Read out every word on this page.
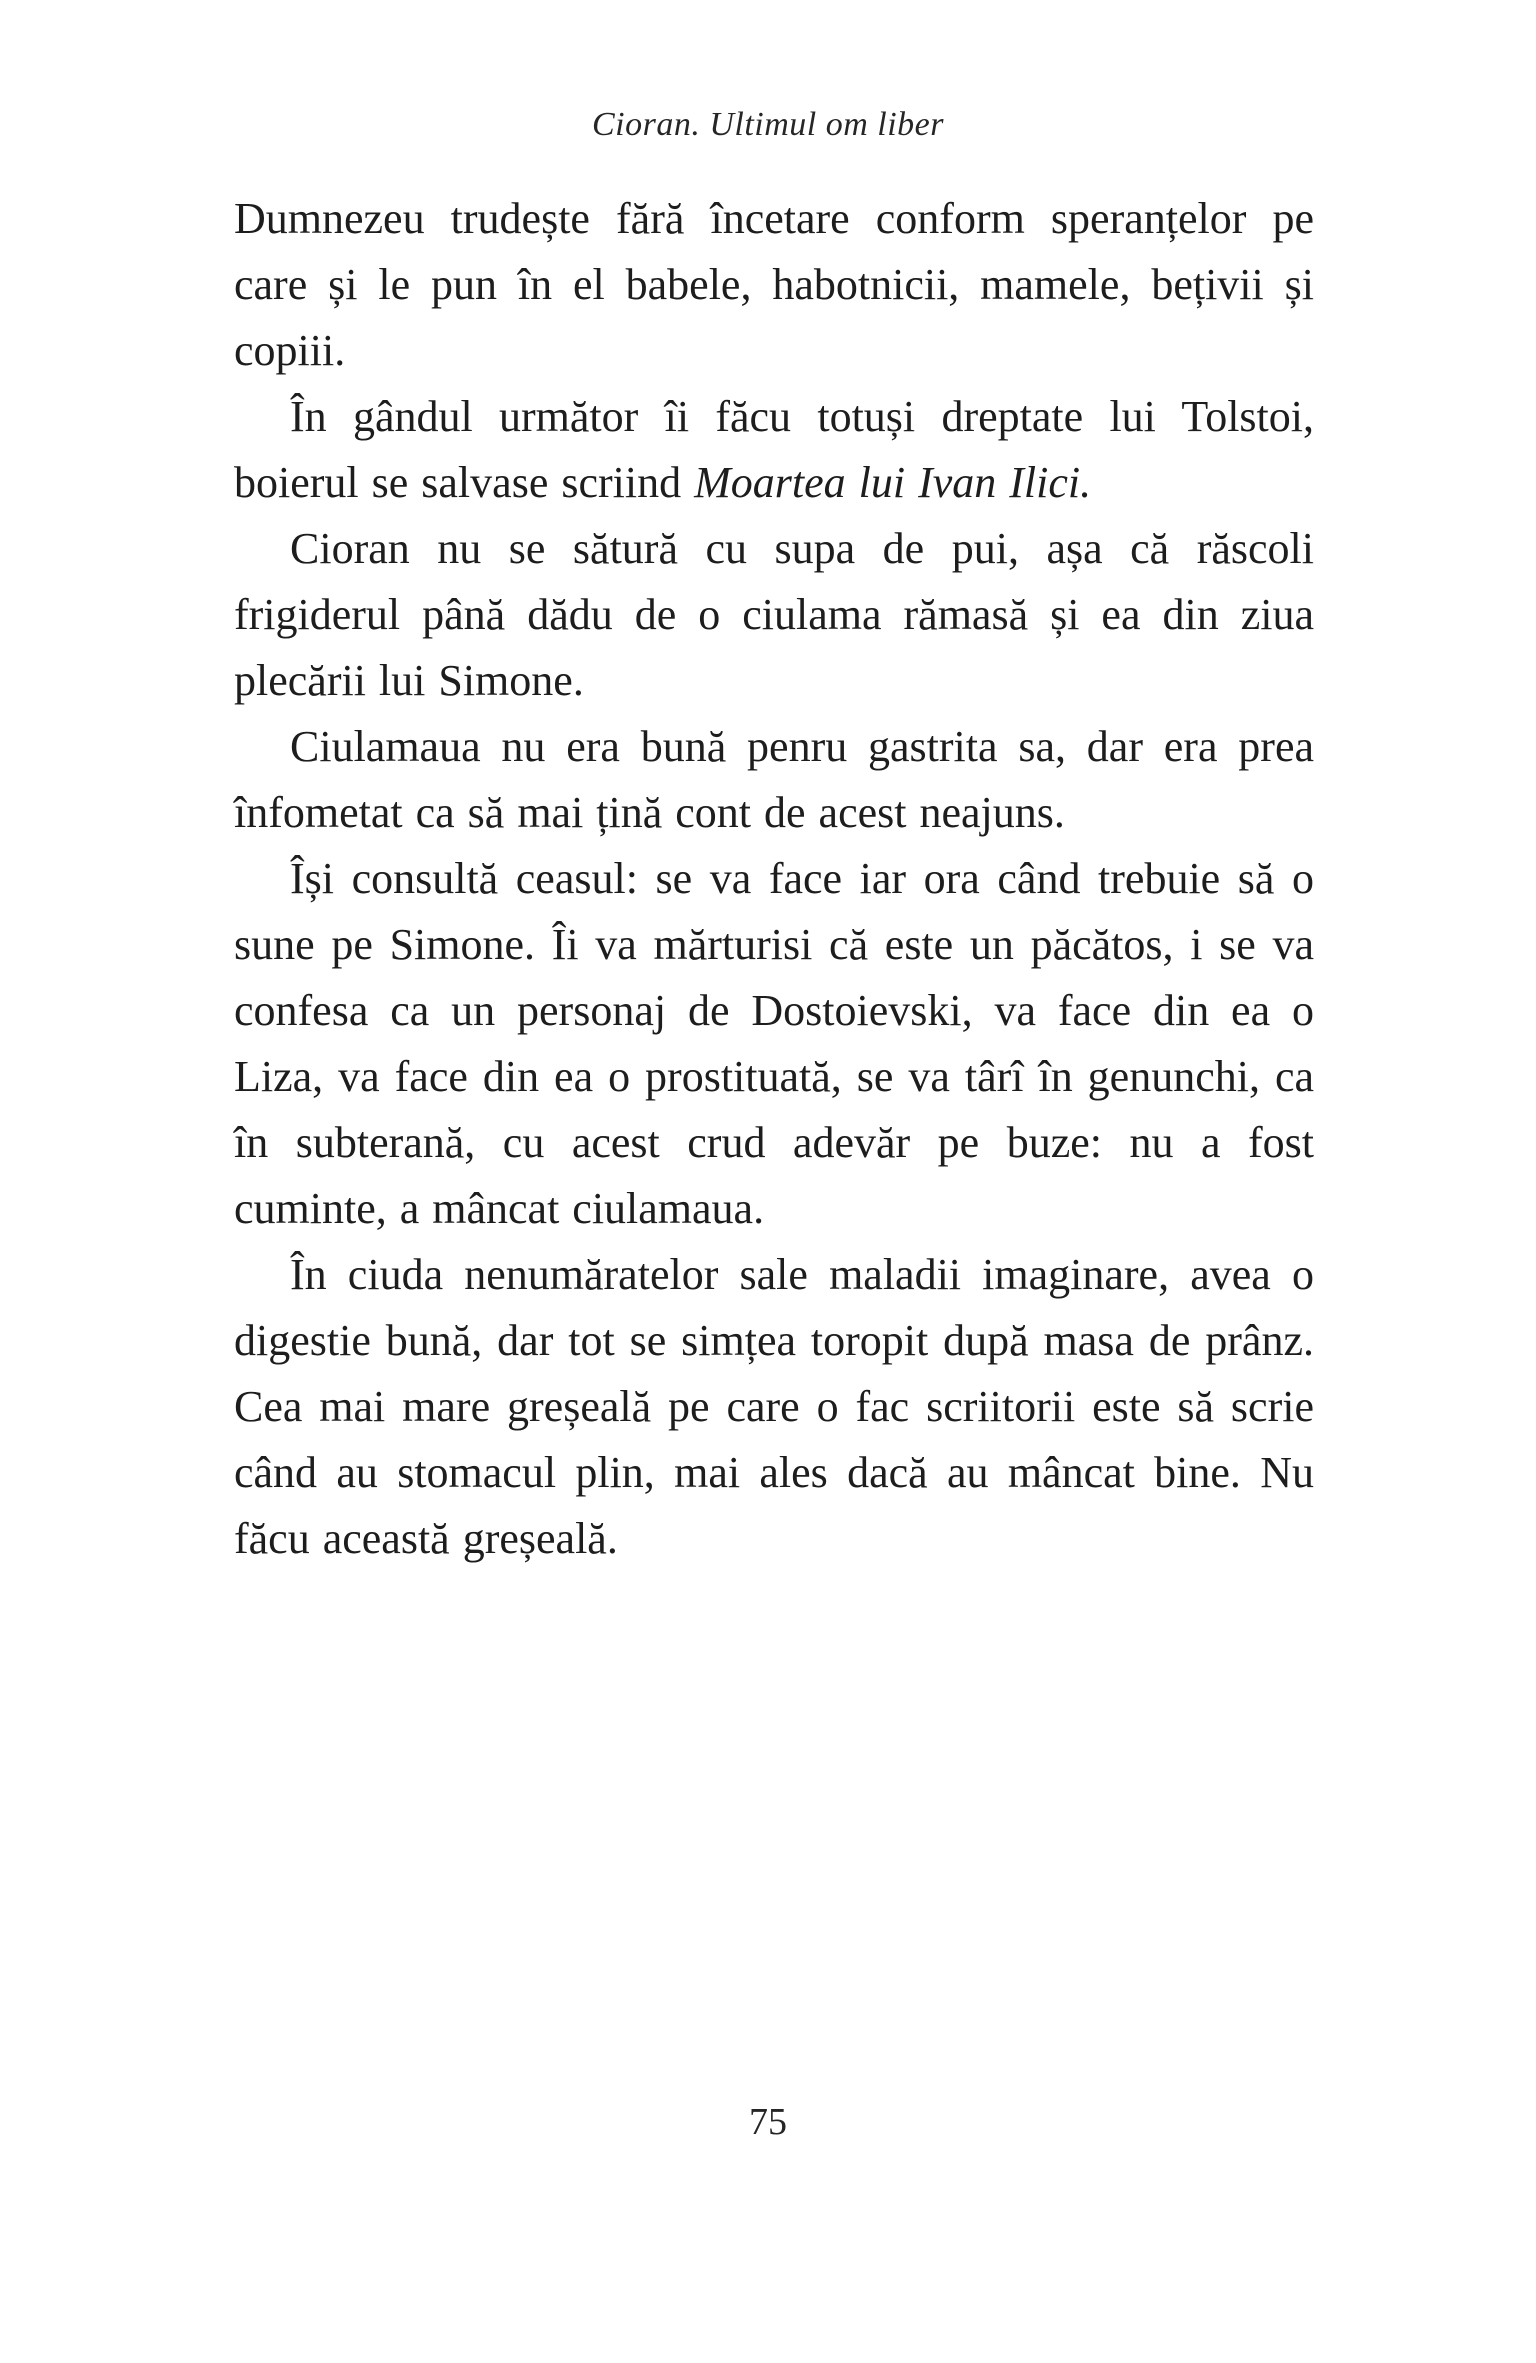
Cioran. Ultimul om liber

Dumnezeu trudește fără încetare conform speranțelor pe care și le pun în el babele, habotnicii, mamele, bețivii și copiii.

În gândul următor îi făcu totuși dreptate lui Tolstoi, boierul se salvase scriind Moartea lui Ivan Ilici.

Cioran nu se sătură cu supa de pui, așa că răscoli frigiderul până dădu de o ciulama rămasă și ea din ziua plecării lui Simone.

Ciulamaua nu era bună penru gastrita sa, dar era prea înfometat ca să mai țină cont de acest neajuns.

Își consultă ceasul: se va face iar ora când trebuie să o sune pe Simone. Îi va mărturisi că este un păcătos, i se va confesa ca un personaj de Dostoievski, va face din ea o Liza, va face din ea o prostituată, se va târî în genunchi, ca în subterană, cu acest crud adevăr pe buze: nu a fost cuminte, a mâncat ciulamaua.

În ciuda nenumăratelor sale maladii imaginare, avea o digestie bună, dar tot se simțea toropit după masa de prânz. Cea mai mare greșeală pe care o fac scriitorii este să scrie când au stomacul plin, mai ales dacă au mâncat bine. Nu făcu această greșeală.

75
